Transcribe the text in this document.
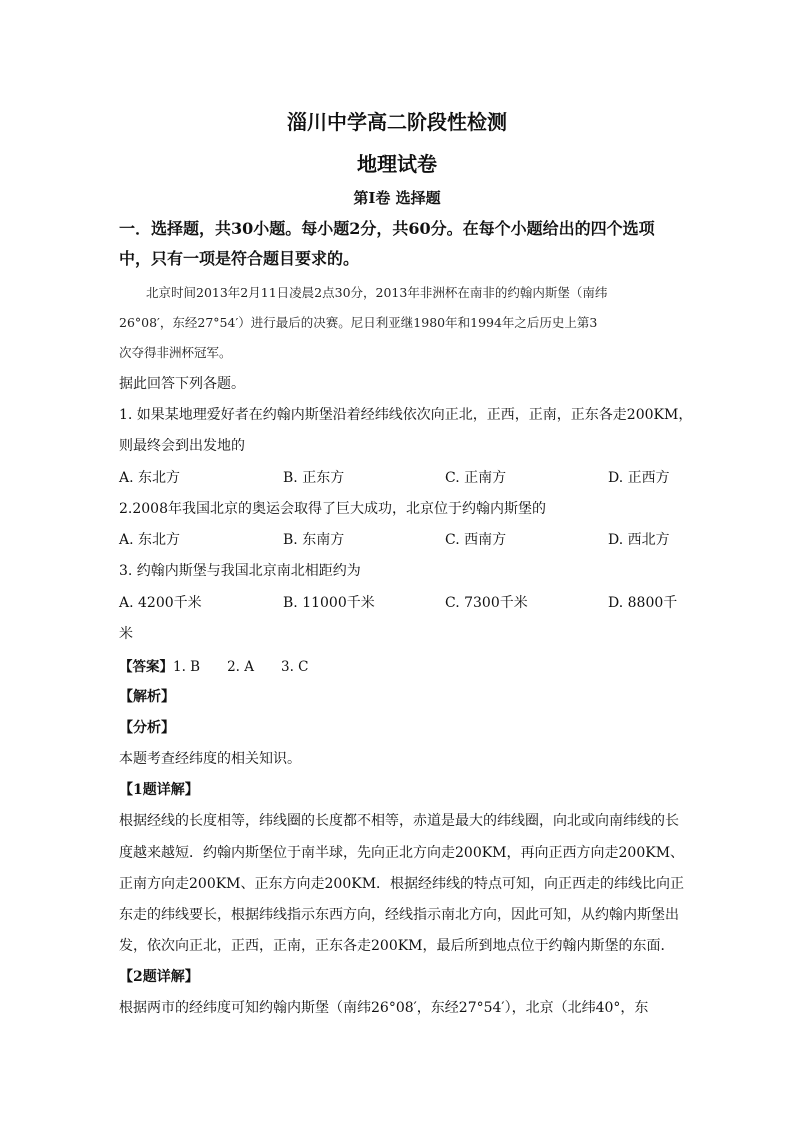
淄川中学高二阶段性检测
地理试卷
第I卷 选择题
一．选择题，共30小题。每小题2分，共60分。在每个小题给出的四个选项
中，只有一项是符合题目要求的。
北京时间2013年2月11日凌晨2点30分，2013年非洲杯在南非的约翰内斯堡（南纬
26°08′，东经27°54′）进行最后的决赛。尼日利亚继1980年和1994年之后历史上第3
次夺得非洲杯冠军。
据此回答下列各题。
1. 如果某地理爱好者在约翰内斯堡沿着经纬线依次向正北，正西，正南，正东各走200KM，
则最终会到出发地的
A. 东北方	B. 正东方	C. 正南方	D. 正西方
2.2008年我国北京的奥运会取得了巨大成功，北京位于约翰内斯堡的
A. 东北方	B. 东南方	C. 西南方	D. 西北方
3. 约翰内斯堡与我国北京南北相距约为
A. 4200千米	B. 11000千米	C. 7300千米	D. 8800千
米
【答案】1. B　　2. A　　3. C
【解析】
【分析】
本题考查经纬度的相关知识。
【1题详解】
根据经线的长度相等，纬线圈的长度都不相等，赤道是最大的纬线圈，向北或向南纬线的长
度越来越短．约翰内斯堡位于南半球，先向正北方向走200KM，再向正西方向走200KM、
正南方向走200KM、正东方向走200KM．根据经纬线的特点可知，向正西走的纬线比向正
东走的纬线要长，根据纬线指示东西方向，经线指示南北方向，因此可知，从约翰内斯堡出
发，依次向正北，正西，正南，正东各走200KM，最后所到地点位于约翰内斯堡的东面．
【2题详解】
根据两市的经纬度可知约翰内斯堡（南纬26°08′，东经27°54′），北京（北纬40°，东
